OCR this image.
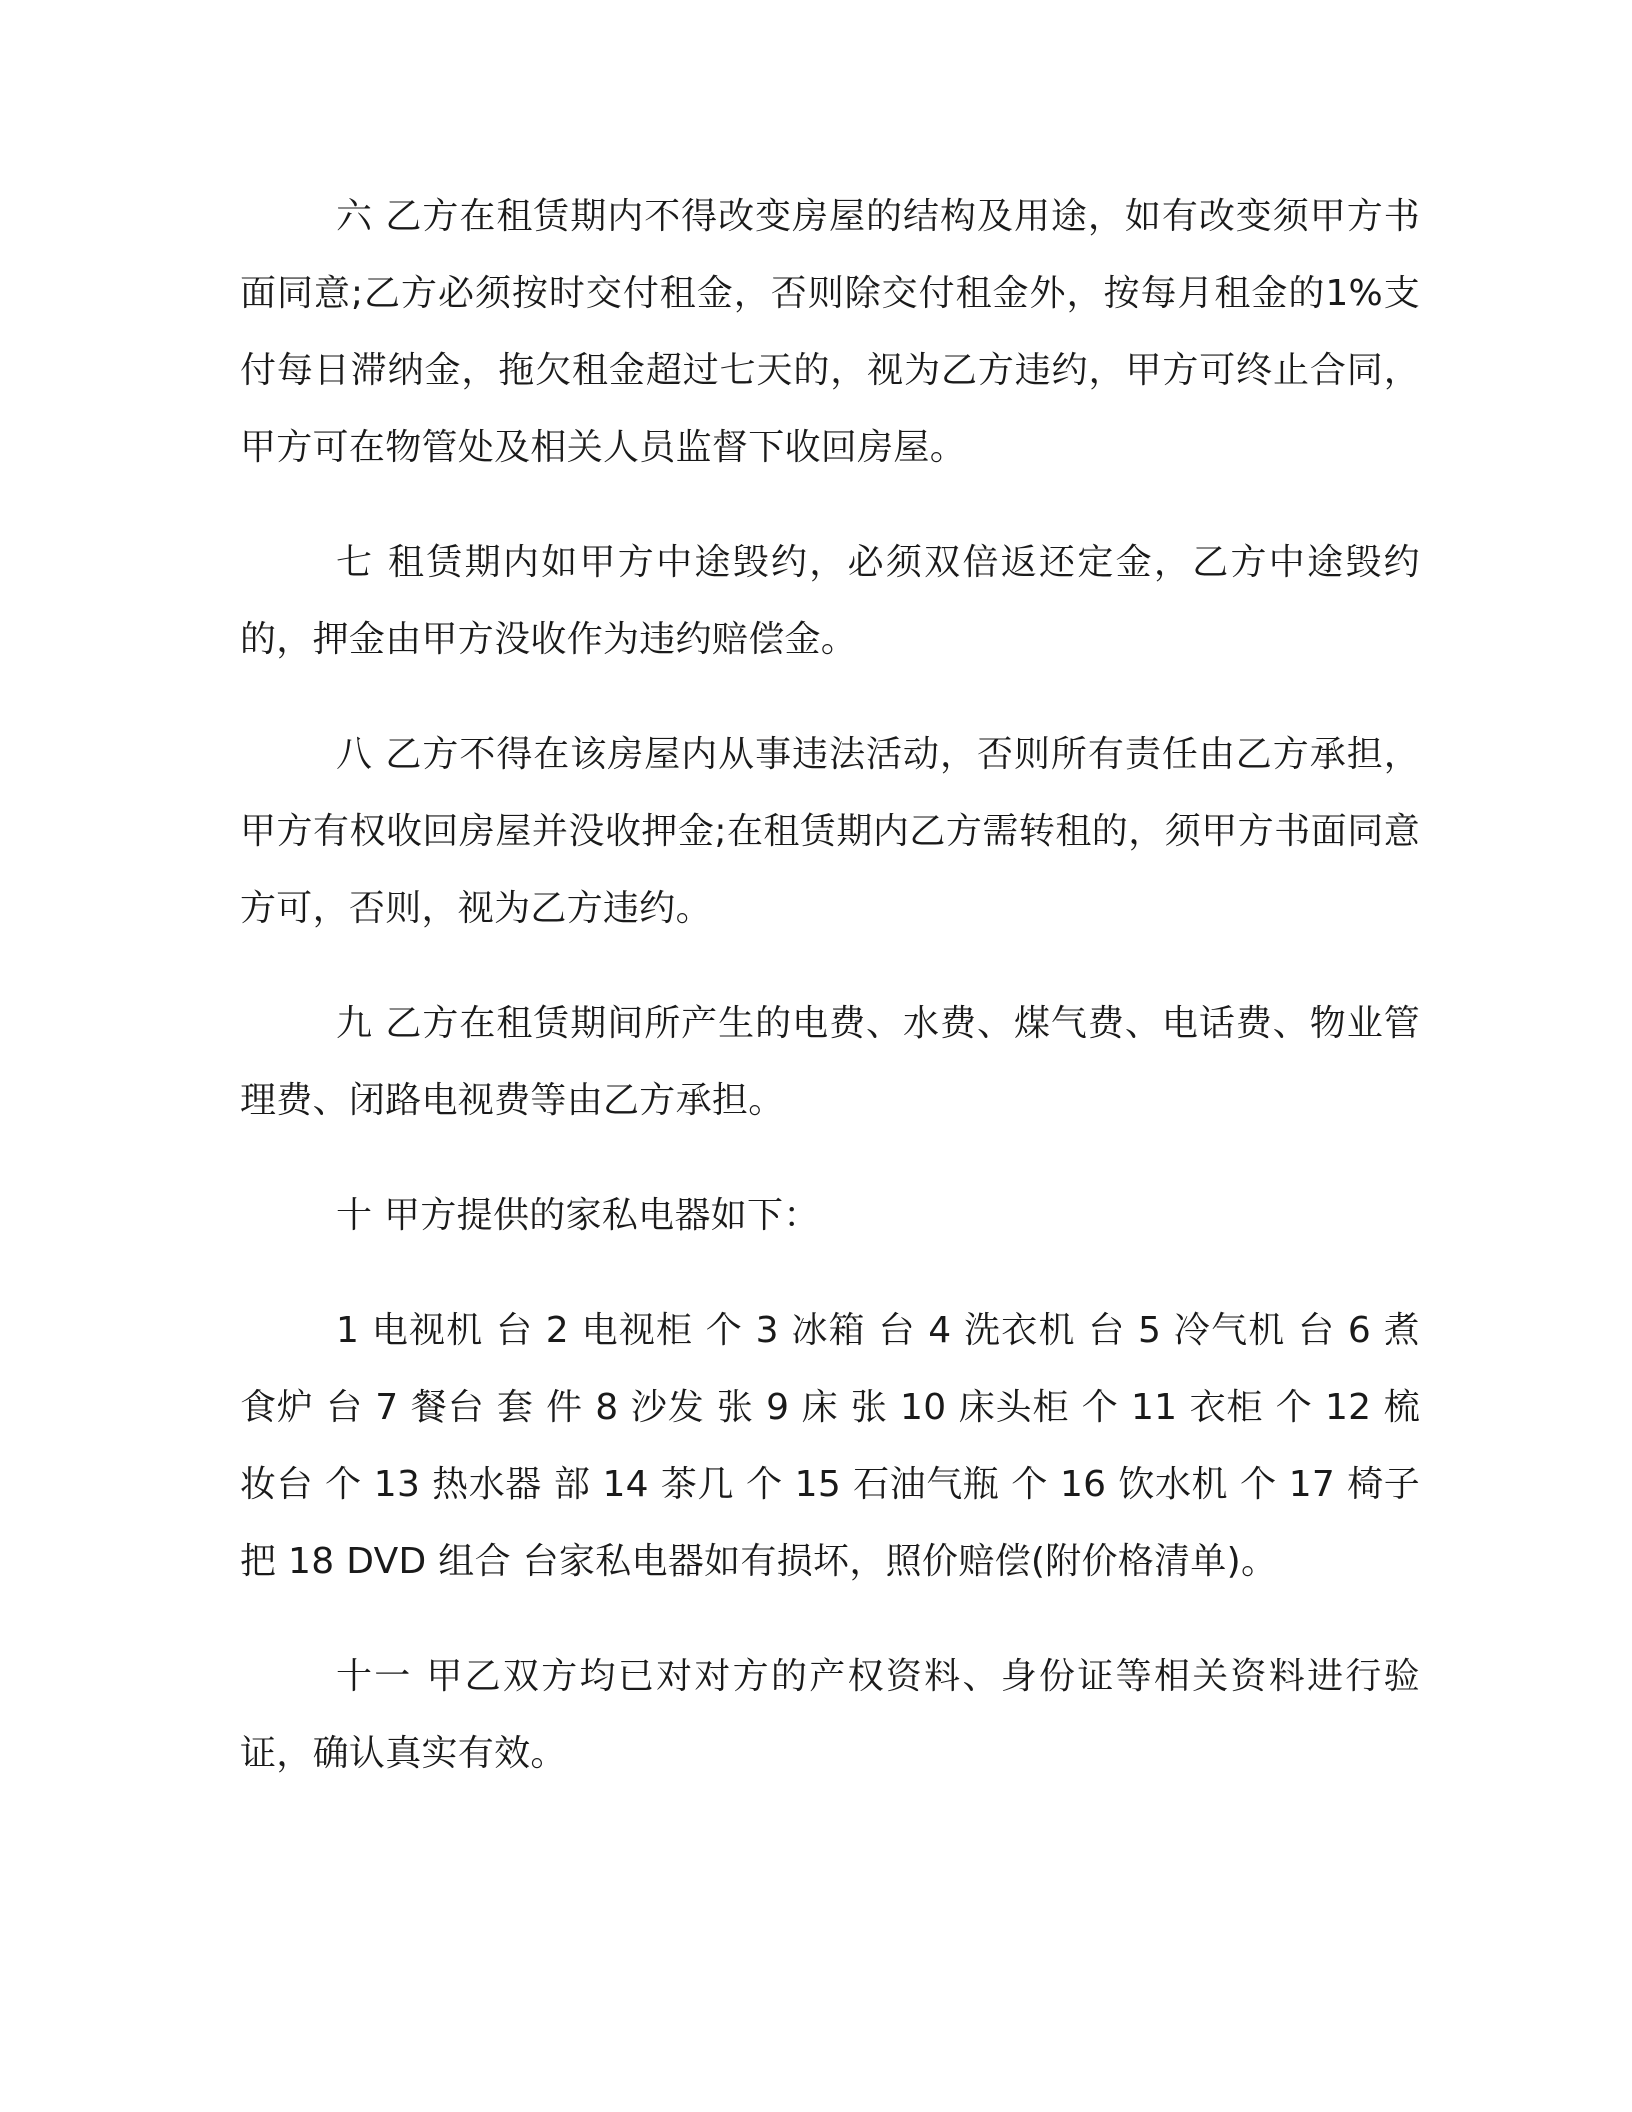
六 乙方在租赁期内不得改变房屋的结构及用途，如有改变须甲方书面同意;乙方必须按时交付租金，否则除交付租金外，按每月租金的1%支付每日滞纳金，拖欠租金超过七天的，视为乙方违约，甲方可终止合同，甲方可在物管处及相关人员监督下收回房屋。

七 租赁期内如甲方中途毁约，必须双倍返还定金，乙方中途毁约的，押金由甲方没收作为违约赔偿金。

八 乙方不得在该房屋内从事违法活动，否则所有责任由乙方承担，甲方有权收回房屋并没收押金;在租赁期内乙方需转租的，须甲方书面同意方可，否则，视为乙方违约。

九 乙方在租赁期间所产生的电费、水费、煤气费、电话费、物业管理费、闭路电视费等由乙方承担。

十 甲方提供的家私电器如下：

1 电视机 台 2 电视柜 个 3 冰箱 台 4 洗衣机 台 5 冷气机 台 6 煮食炉 台 7 餐台 套 件 8 沙发 张 9 床 张 10 床头柜 个 11 衣柜 个 12 梳妆台 个 13 热水器 部 14 茶几 个 15 石油气瓶 个 16 饮水机 个 17 椅子 把 18 DVD 组合 台家私电器如有损坏，照价赔偿(附价格清单)。

十一 甲乙双方均已对对方的产权资料、身份证等相关资料进行验证，确认真实有效。
